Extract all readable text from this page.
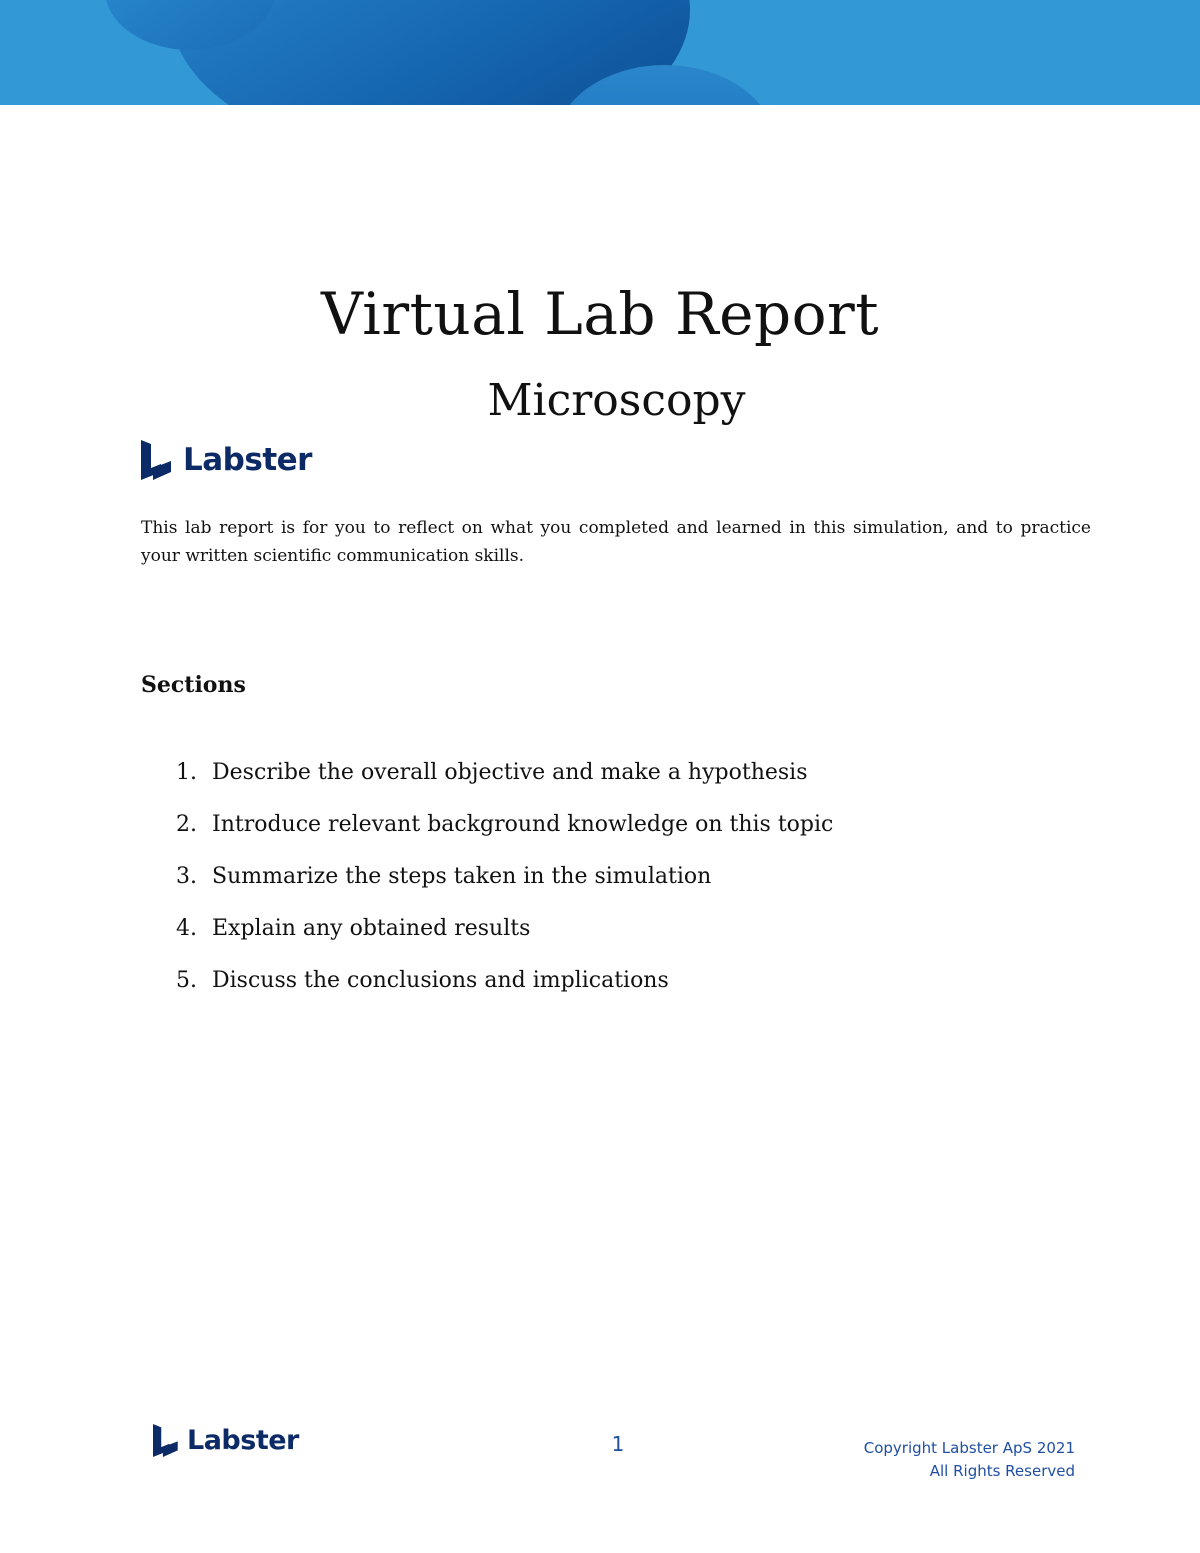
Virtual Lab Report
Microscopy
Labster

This lab report is for you to reflect on what you completed and learned in this simulation, and to practice your written scientific communication skills.

Sections
1. Describe the overall objective and make a hypothesis
2. Introduce relevant background knowledge on this topic
3. Summarize the steps taken in the simulation
4. Explain any obtained results
5. Discuss the conclusions and implications
Labster	1	Copyright Labster ApS 2021
All Rights Reserved
